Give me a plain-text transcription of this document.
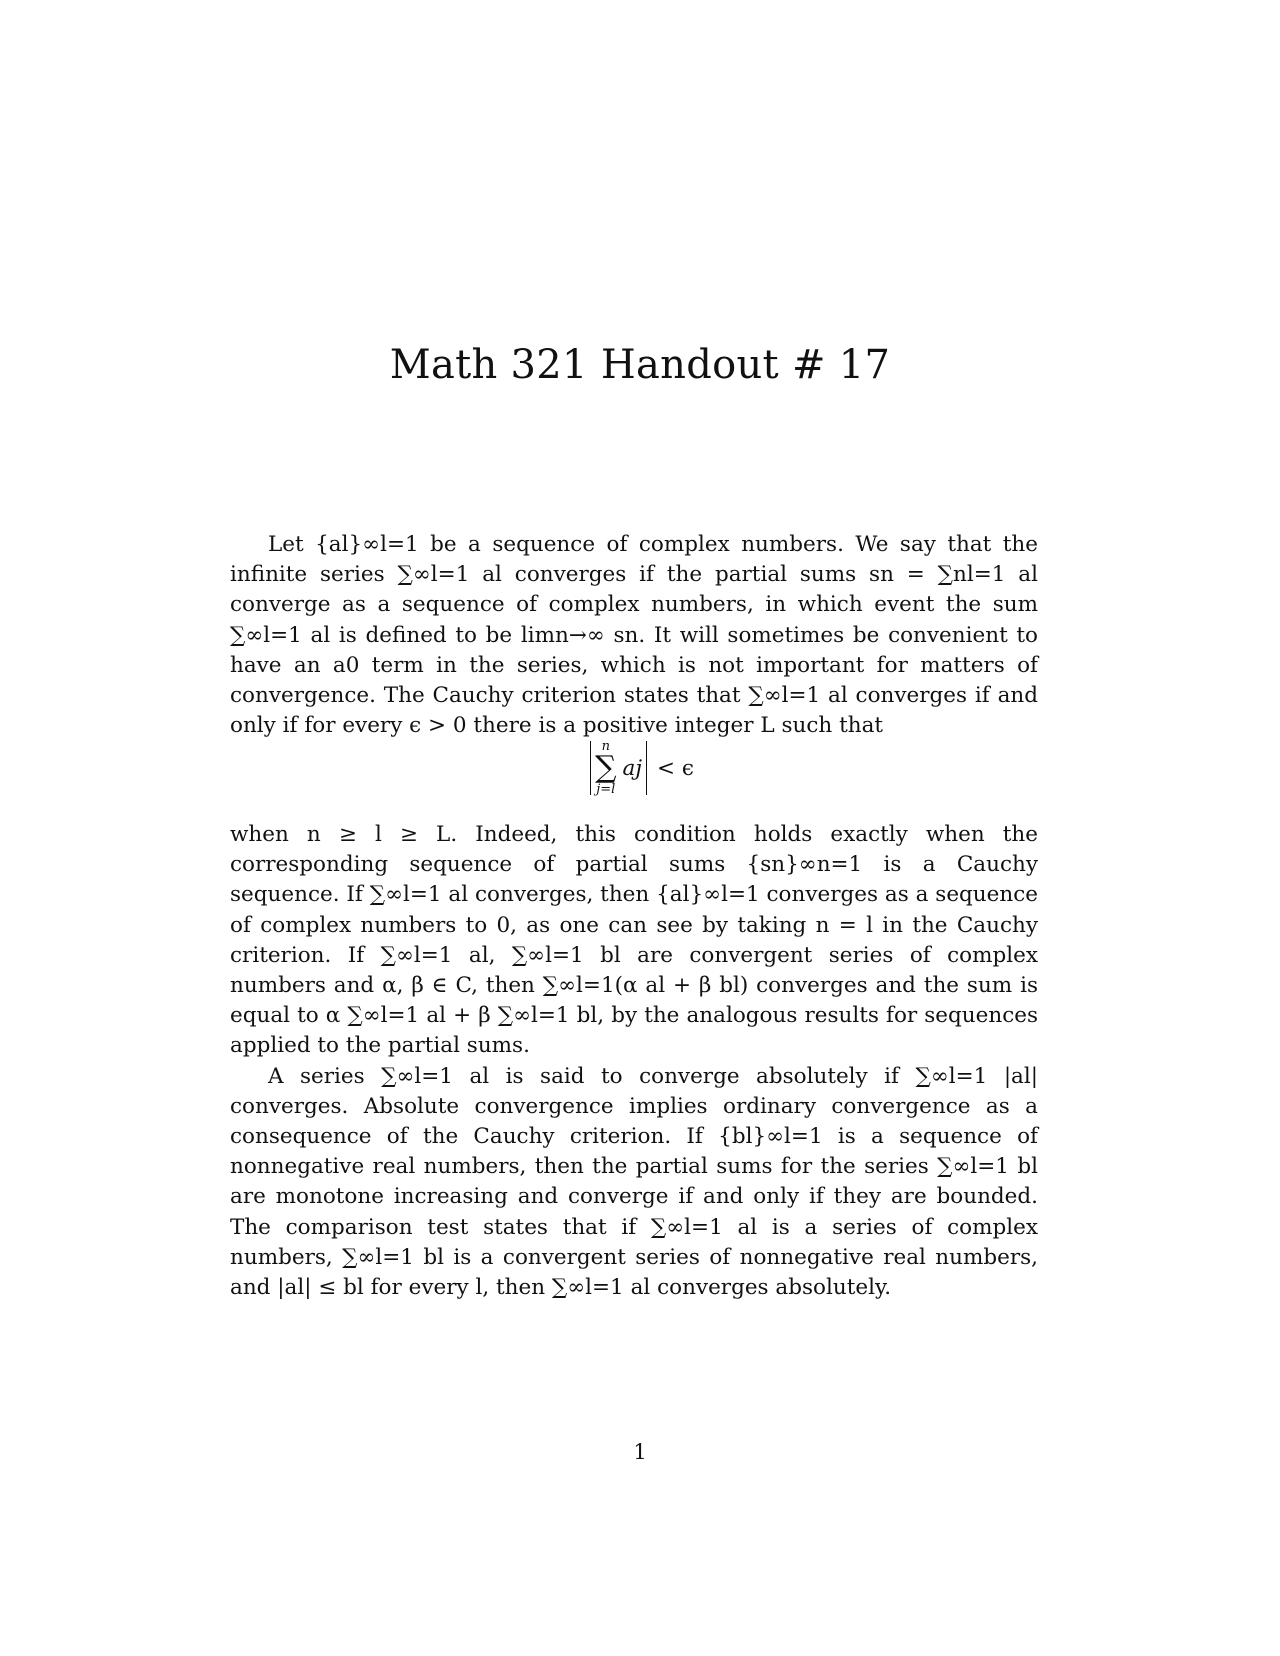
Math 321 Handout # 17

Let {al}∞l=1 be a sequence of complex numbers. We say that the infinite series ∑∞l=1 al converges if the partial sums sn = ∑nl=1 al converge as a sequence of complex numbers, in which event the sum ∑∞l=1 al is defined to be limn→∞ sn. It will sometimes be convenient to have an a0 term in the series, which is not important for matters of convergence. The Cauchy criterion states that ∑∞l=1 al converges if and only if for every ϵ > 0 there is a positive integer L such that

n
∑
j=l
aj < ϵ

when n ≥ l ≥ L. Indeed, this condition holds exactly when the corresponding sequence of partial sums {sn}∞n=1 is a Cauchy sequence. If ∑∞l=1 al converges, then {al}∞l=1 converges as a sequence of complex numbers to 0, as one can see by taking n = l in the Cauchy criterion. If ∑∞l=1 al, ∑∞l=1 bl are convergent series of complex numbers and α, β ∈ C, then ∑∞l=1(α al + β bl) converges and the sum is equal to α ∑∞l=1 al + β ∑∞l=1 bl, by the analogous results for sequences applied to the partial sums.

A series ∑∞l=1 al is said to converge absolutely if ∑∞l=1 |al| converges. Absolute convergence implies ordinary convergence as a consequence of the Cauchy criterion. If {bl}∞l=1 is a sequence of nonnegative real numbers, then the partial sums for the series ∑∞l=1 bl are monotone increasing and converge if and only if they are bounded. The comparison test states that if ∑∞l=1 al is a series of complex numbers, ∑∞l=1 bl is a convergent series of nonnegative real numbers, and |al| ≤ bl for every l, then ∑∞l=1 al converges absolutely.

1
